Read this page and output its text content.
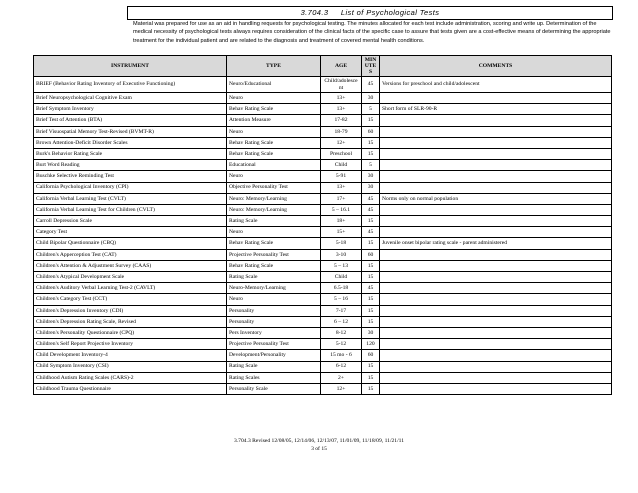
3.704.3 List of Psychological Tests
Material was prepared for use as an aid in handling requests for psychological testing. The minutes allocated for each test include administration, scoring and write up. Determination of the medical necessity of psychological tests always requires consideration of the clinical facts of the specific case to assure that tests given are a cost-effective means of determining the appropriate treatment for the individual patient and are related to the diagnosis and treatment of covered mental health conditions.
INSTRUMENT	TYPE	AGE	MINUTES	COMMENTS
BRIEF (Behavior Rating Inventory of Executive Functioning)	Neuro/Educational	Child/adolescent	45	Versions for preschool and child/adolescent
Brief Neuropsychological Cognitive Exam	Neuro	13+	30	
Brief Symptom Inventory	Behav Rating Scale	13+	5	Short form of SLR-90-R
Brief Test of Attention (BTA)	Attention Measure	17-82	15	
Brief Visuospatial Memory Test-Revised (BVMT-R)	Neuro	18-79	60	
Brown Attention-Deficit Disorder Scales	Behav Rating Scale	12+	15	
Burk's Behavior Rating Scale	Behav Rating Scale	Preschool	15	
Burt Word Reading	Educational	Child	5	
Buschke Selective Reminding Test	Neuro	5-91	30	
California Psychological Inventory (CPI)	Objective Personality Test	13+	30	
California Verbal Learning Test (CVLT)	Neuro: Memory/Learning	17+	45	Norms only on normal population
California Verbal Learning Test for Children (CVLT)	Neuro: Memory/Learning	5 – 16.1	45	
Carroll Depression Scale	Rating Scale	18+	15	
Category Test	Neuro	15+	45	
Child Bipolar Questionnaire (CBQ)	Behav Rating Scale	5-18	15	Juvenile onset bipolar rating scale - parent administered
Children's Apperception Test (CAT)	Projective Personality Test	3-10	60	
Children's Attention & Adjustment Survey (CAAS)	Behav Rating Scale	5 – 13	15	
Children's Atypical Development Scale	Rating Scale	Child	15	
Children's Auditory Verbal Learning Test-2 (CAVLT)	Neuro-Memory/Learning	6.5-18	45	
Children's Category Test (CCT)	Neuro	5 – 16	15	
Children's Depression Inventory (CDI)	Personality	7-17	15	
Children's Depression Rating Scale, Revised	Personality	6 – 12	15	
Children's Personality Questionnaire (CPQ)	Pers Inventory	8-12	30	
Children's Self Report Projective Inventory	Projective Personality Test	5-12	120	
Child Development Inventory-4	Development/Personality	15 mo - 6	60	
Child Symptom Inventory (CSI)	Rating Scale	6-12	15	
Childhood Autism Rating Scales (CARS)-2	Rating Scales	2+	15	
Childhood Trauma Questionnaire	Personality Scale	12+	15	
3.704.3 Revised 12/08/05, 12/14/06, 12/13/07, 11/01/09, 11/18/09, 11/21/11
3 of 15
